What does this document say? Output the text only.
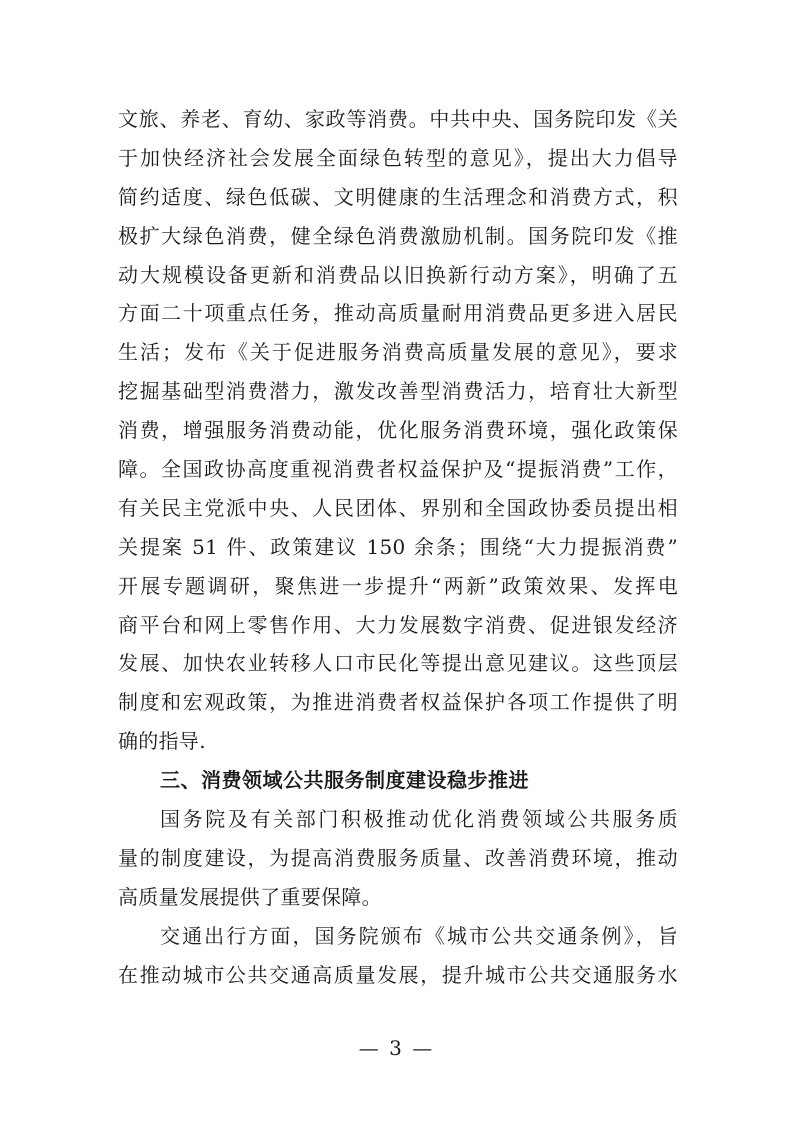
文旅、养老、育幼、家政等消费。中共中央、国务院印发《关
于加快经济社会发展全面绿色转型的意见》，提出大力倡导
简约适度、绿色低碳、文明健康的生活理念和消费方式，积
极扩大绿色消费，健全绿色消费激励机制。国务院印发《推
动大规模设备更新和消费品以旧换新行动方案》，明确了五
方面二十项重点任务，推动高质量耐用消费品更多进入居民
生活；发布《关于促进服务消费高质量发展的意见》，要求
挖掘基础型消费潜力，激发改善型消费活力，培育壮大新型
消费，增强服务消费动能，优化服务消费环境，强化政策保
障。全国政协高度重视消费者权益保护及“提振消费”工作，
有关民主党派中央、人民团体、界别和全国政协委员提出相
关提案 51 件、政策建议 150 余条；围绕“大力提振消费”
开展专题调研，聚焦进一步提升“两新”政策效果、发挥电
商平台和网上零售作用、大力发展数字消费、促进银发经济
发展、加快农业转移人口市民化等提出意见建议。这些顶层
制度和宏观政策，为推进消费者权益保护各项工作提供了明
确的指导.
三、消费领域公共服务制度建设稳步推进
国务院及有关部门积极推动优化消费领域公共服务质
量的制度建设，为提高消费服务质量、改善消费环境，推动
高质量发展提供了重要保障。
交通出行方面，国务院颁布《城市公共交通条例》，旨
在推动城市公共交通高质量发展，提升城市公共交通服务水
— 3 —
